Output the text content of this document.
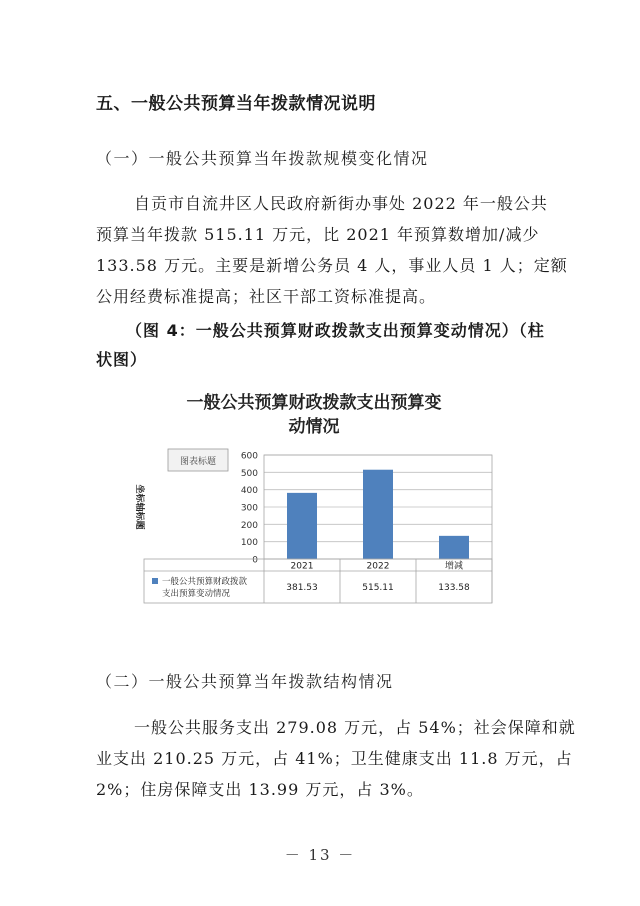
五、一般公共预算当年拨款情况说明
（一）一般公共预算当年拨款规模变化情况
自贡市自流井区人民政府新街办事处 2022 年一般公共
预算当年拨款 515.11 万元，比 2021 年预算数增加/减少
133.58 万元。主要是新增公务员 4 人，事业人员 1 人；定额
公用经费标准提高；社区干部工资标准提高。
（图 4：一般公共预算财政拨款支出预算变动情况）（柱
状图）
一般公共预算财政拨款支出预算变
动情况
0
100
200
300
400
500
600
坐标轴标题
图表标题
2021
381.53
2022
515.11
增减
133.58
一般公共预算财政拨款
支出预算变动情况
（二）一般公共预算当年拨款结构情况
一般公共服务支出 279.08 万元，占 54%；社会保障和就
业支出 210.25 万元，占 41%；卫生健康支出 11.8 万元，占
2%；住房保障支出 13.99 万元，占 3%。
－ 13 －
